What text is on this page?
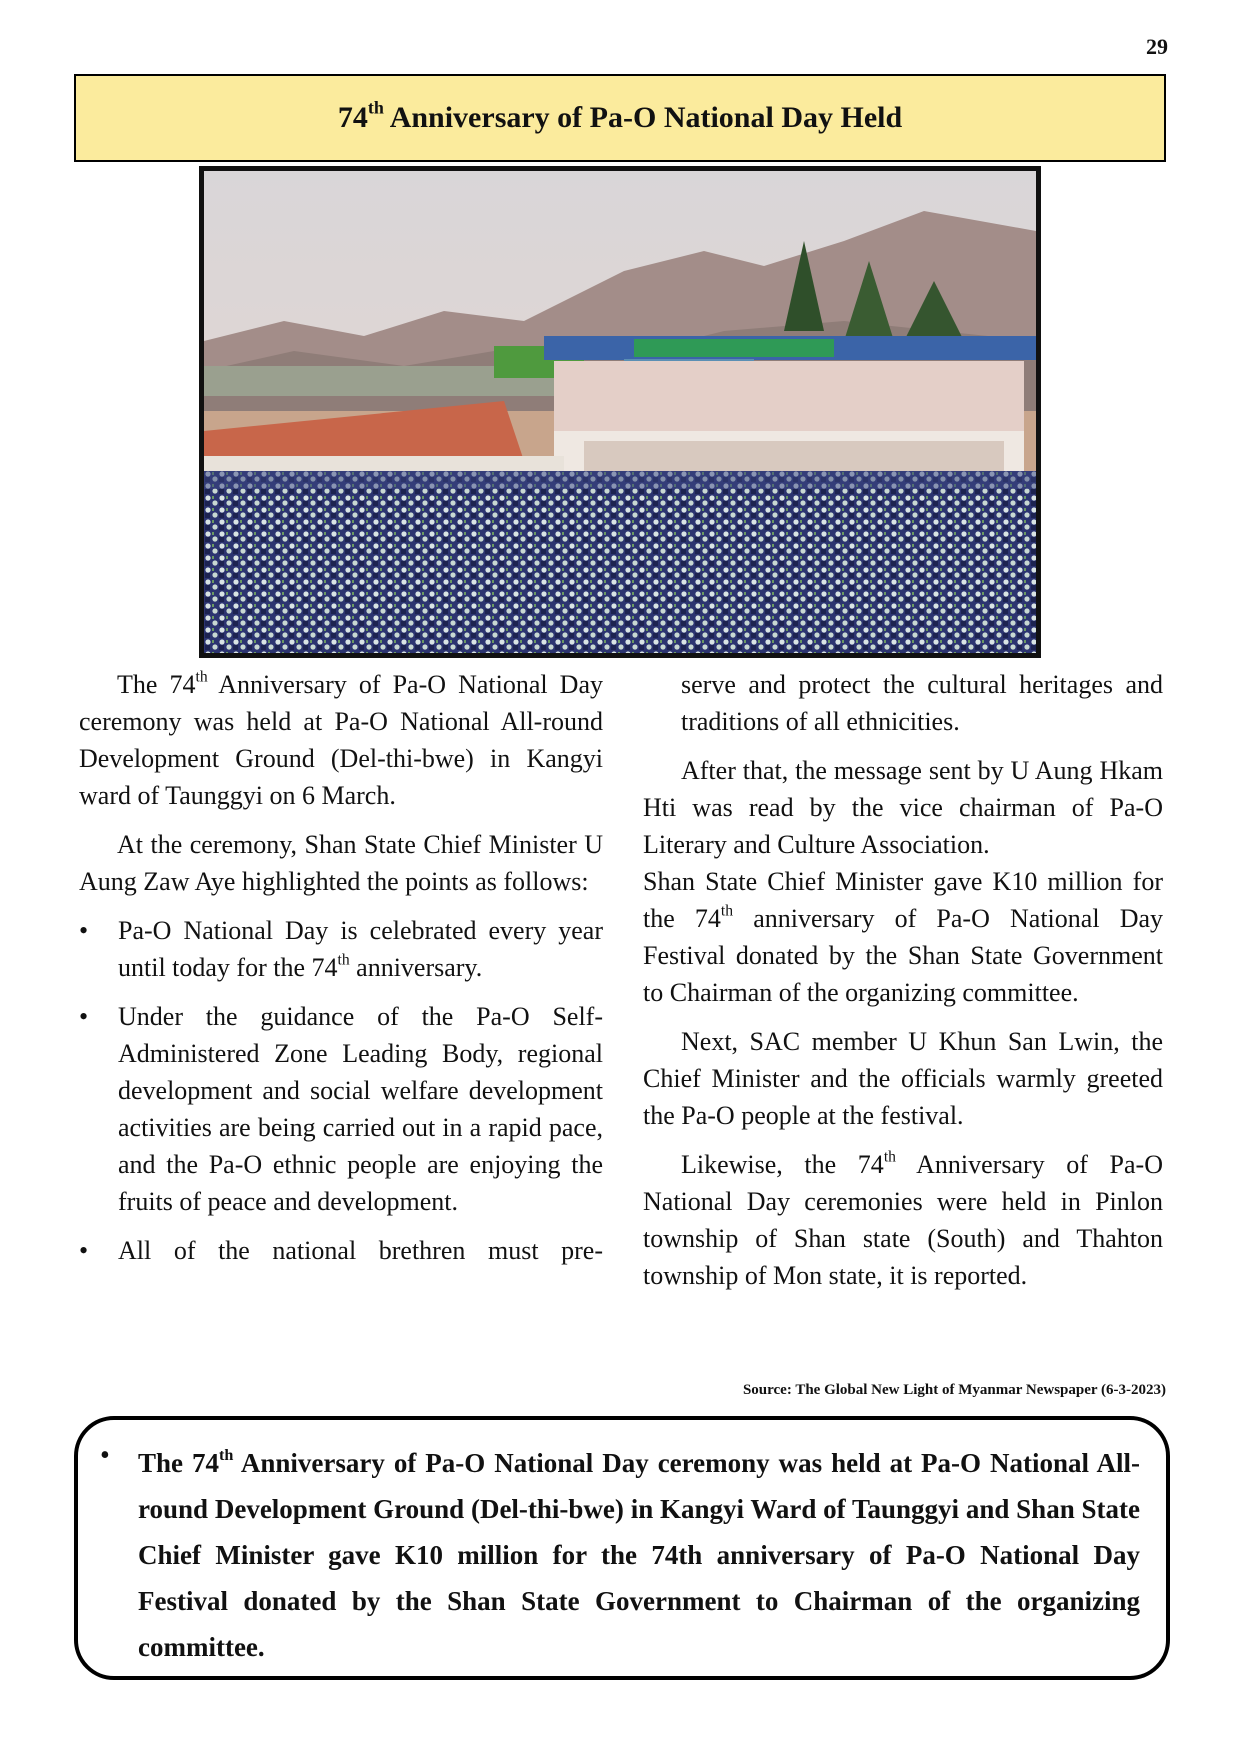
29
74th Anniversary of Pa-O National Day Held

The 74th Anniversary of Pa-O National Day ceremony was held at Pa-O National All-round Development Ground (Del-thi-bwe) in Kangyi ward of Taunggyi on 6 March.

At the ceremony, Shan State Chief Minister U Aung Zaw Aye highlighted the points as follows:

• Pa-O National Day is celebrated every year until today for the 74th anniversary.
• Under the guidance of the Pa-O Self-Administered Zone Leading Body, regional development and social welfare development activities are being carried out in a rapid pace, and the Pa-O ethnic people are enjoying the fruits of peace and development.
• All of the national brethren must pre-

serve and protect the cultural heritages and traditions of all ethnicities.

After that, the message sent by U Aung Hkam Hti was read by the vice chairman of Pa-O Literary and Culture Association.

Shan State Chief Minister gave K10 million for the 74th anniversary of Pa-O National Day Festival donated by the Shan State Government to Chairman of the organizing committee.

Next, SAC member U Khun San Lwin, the Chief Minister and the officials warmly greeted the Pa-O people at the festival.

Likewise, the 74th Anniversary of Pa-O National Day ceremonies were held in Pinlon township of Shan state (South) and Thahton township of Mon state, it is reported.

Source: The Global New Light of Myanmar Newspaper (6-3-2023)
• The 74th Anniversary of Pa-O National Day ceremony was held at Pa-O National All-round Development Ground (Del-thi-bwe) in Kangyi Ward of Taunggyi and Shan State Chief Minister gave K10 million for the 74th anniversary of Pa-O National Day Festival donated by the Shan State Government to Chairman of the organizing committee.
